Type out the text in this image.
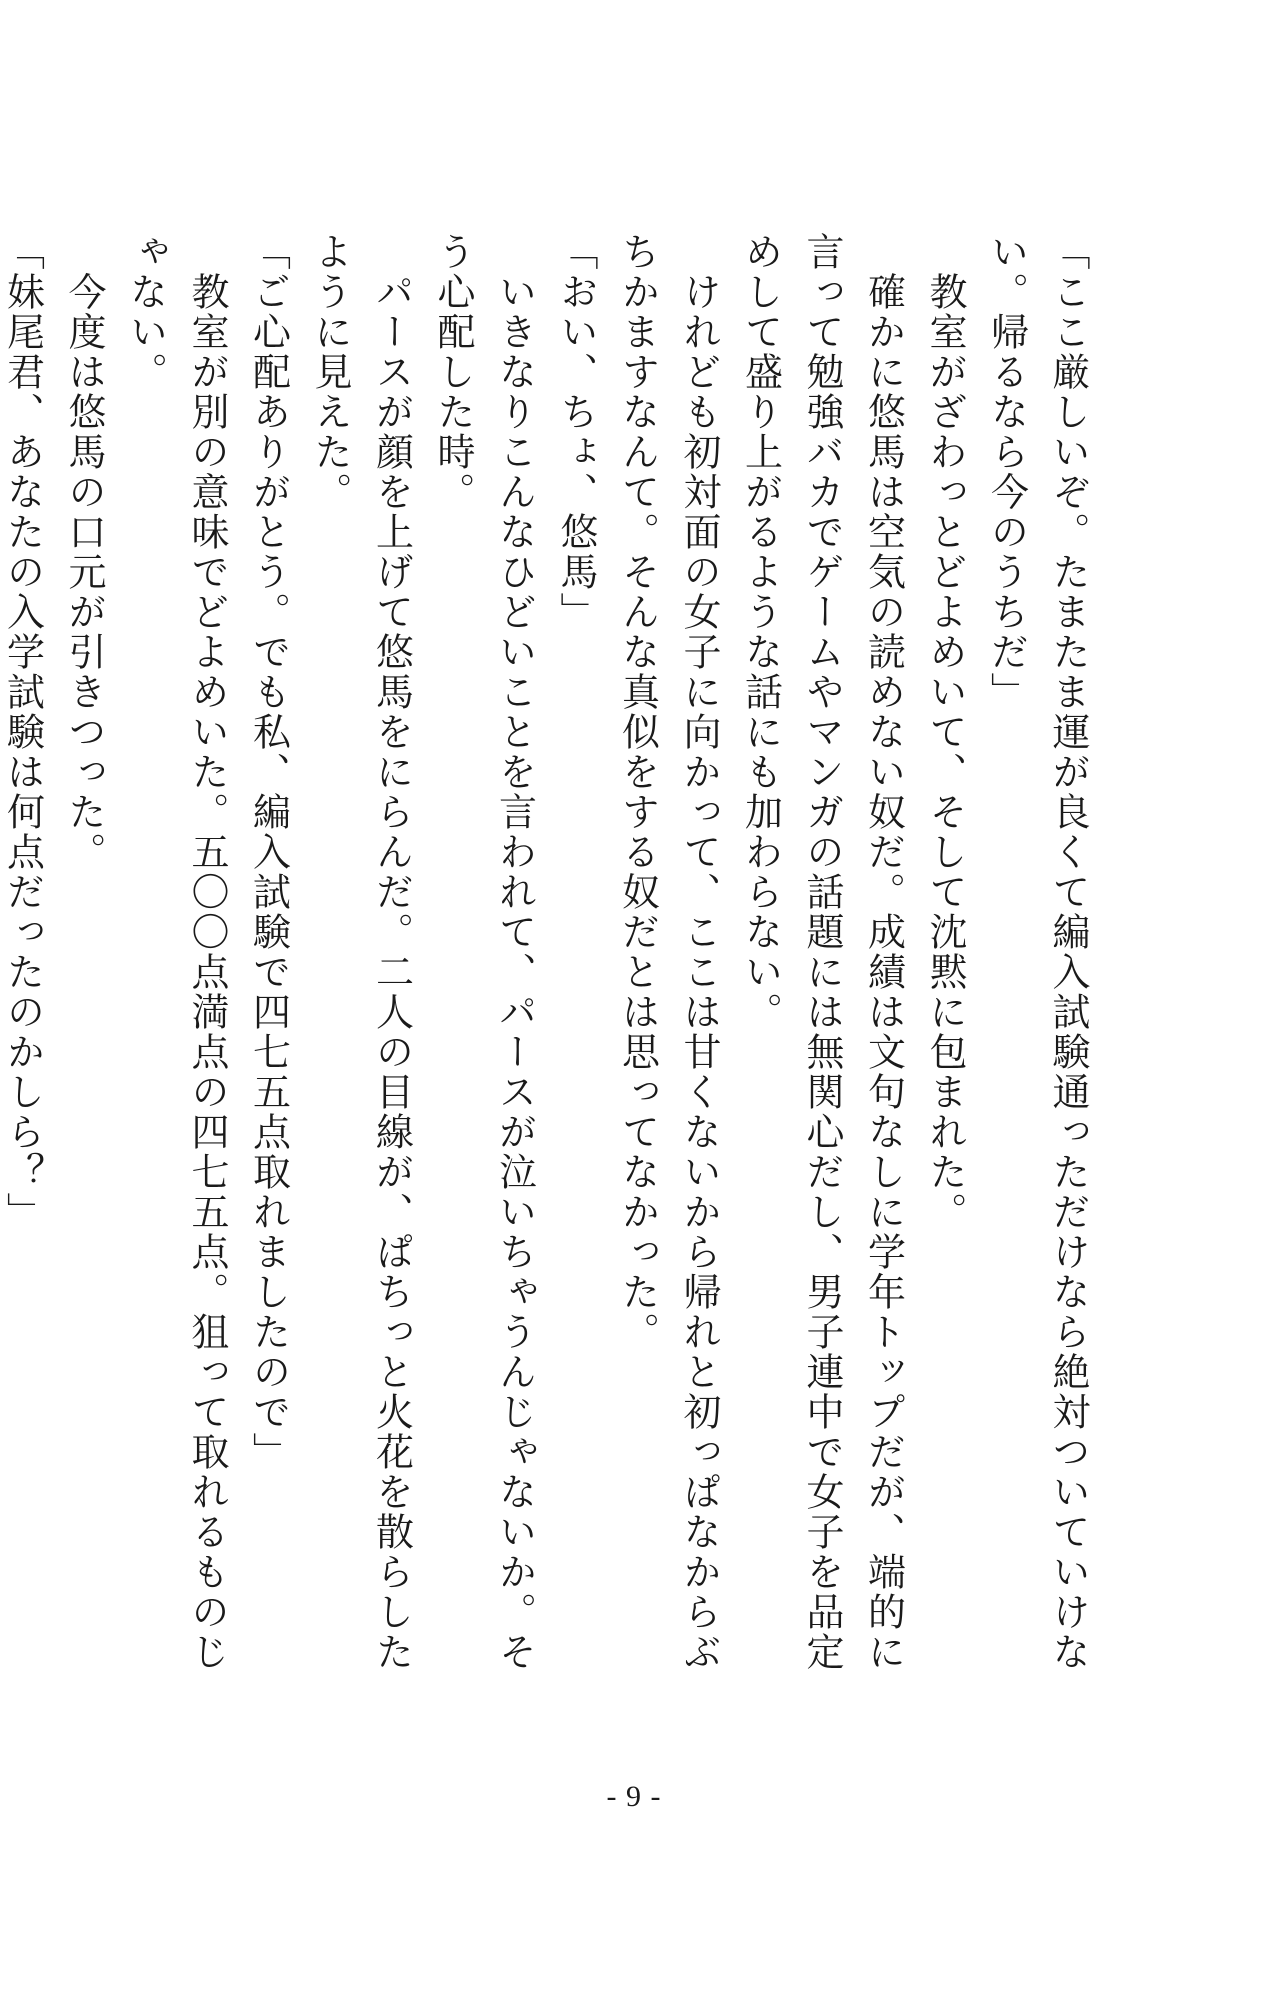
「ここ厳しいぞ。たまたま運が良くて編入試験通っただけなら絶対ついていけない。帰るなら今のうちだ」

　教室がざわっとどよめいて、そして沈黙に包まれた。

　確かに悠馬は空気の読めない奴だ。成績は文句なしに学年トップだが、端的に言って勉強バカでゲームやマンガの話題には無関心だし、男子連中で女子を品定めして盛り上がるような話にも加わらない。

　けれども初対面の女子に向かって、ここは甘くないから帰れと初っぱなからぶちかますなんて。そんな真似をする奴だとは思ってなかった。

「おい、ちょ、悠馬」

　いきなりこんなひどいことを言われて、パースが泣いちゃうんじゃないか。そう心配した時。

　パースが顔を上げて悠馬をにらんだ。二人の目線が、ぱちっと火花を散らしたように見えた。

「ご心配ありがとう。でも私、編入試験で四七五点取れましたので」

　教室が別の意味でどよめいた。五〇〇点満点の四七五点。狙って取れるものじゃない。

　今度は悠馬の口元が引きつった。

「妹尾君、あなたの入学試験は何点だったのかしら？」

- 9 -
